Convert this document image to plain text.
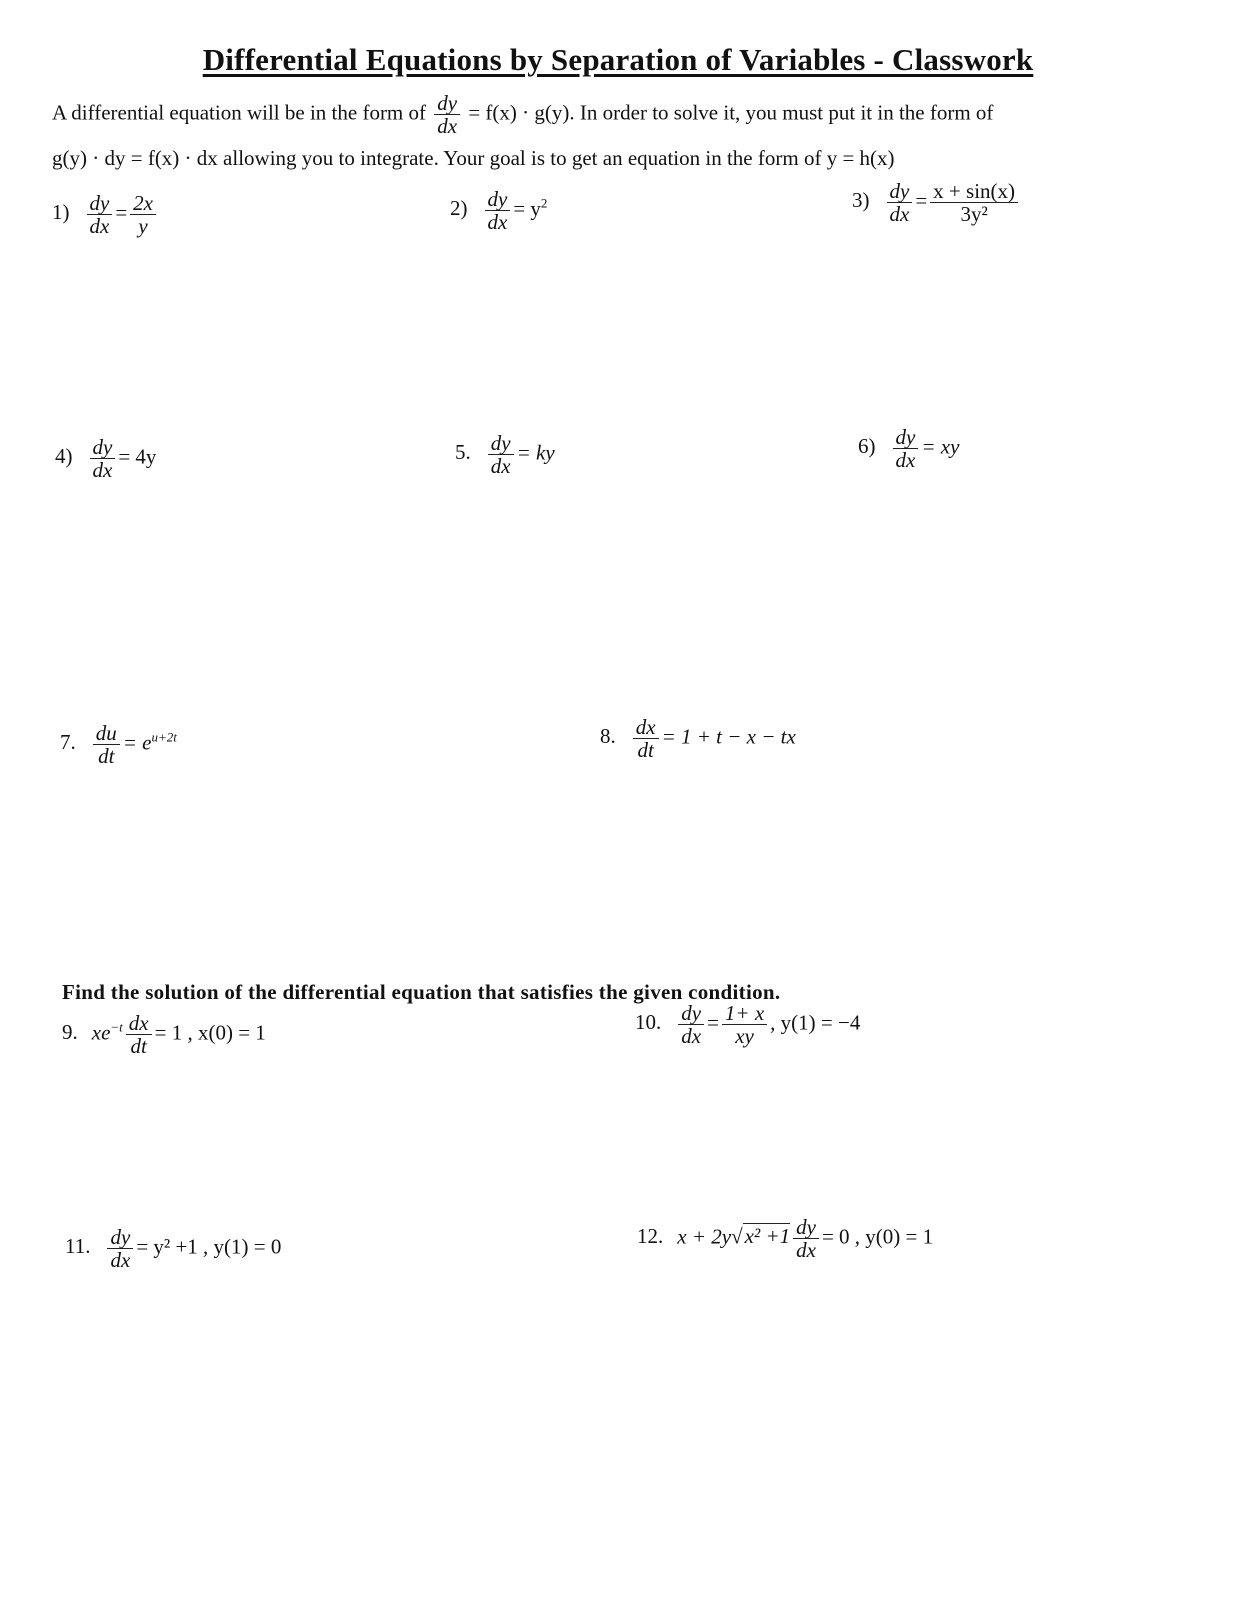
Differential Equations by Separation of Variables - Classwork
A differential equation will be in the form of $\frac{dy}{dx} = f(x) \cdot g(y)$. In order to solve it, you must put it in the form of
g(y) · dy = f(x) · dx allowing you to integrate. Your goal is to get an equation in the form of y = h(x)
$1) \frac{dy}{dx} = \frac{2x}{y}$	$2) \frac{dy}{dx} = y^2$	$3) \frac{dy}{dx} = \frac{x + \sin(x)}{\text{3y²}}$
$4) \frac{dy}{dx} = 4y$	5. $\frac{dy}{dx}$ = ky	$6) \frac{dy}{dx}$ = xy
7. $\frac{du}{dt} = e^{u+2t}$	8. $\frac{dx}{dt} = 1 + t - x$ − tx
Find the solution of the differential equation that satisfies the given condition.
9. $xe^{-t} \frac{dx}{dt} = 1$ , x(0) = 1	10. $\frac{dy}{dx} = \frac{1+ x}{xy}$ , y(1) = −4
11. $\frac{dy}{dx} = y^2 +1$ , y(1) = 0	12. $x + 2y√x^2 +1 \frac{dy}{dx} = 0$ , y(0) = 1
